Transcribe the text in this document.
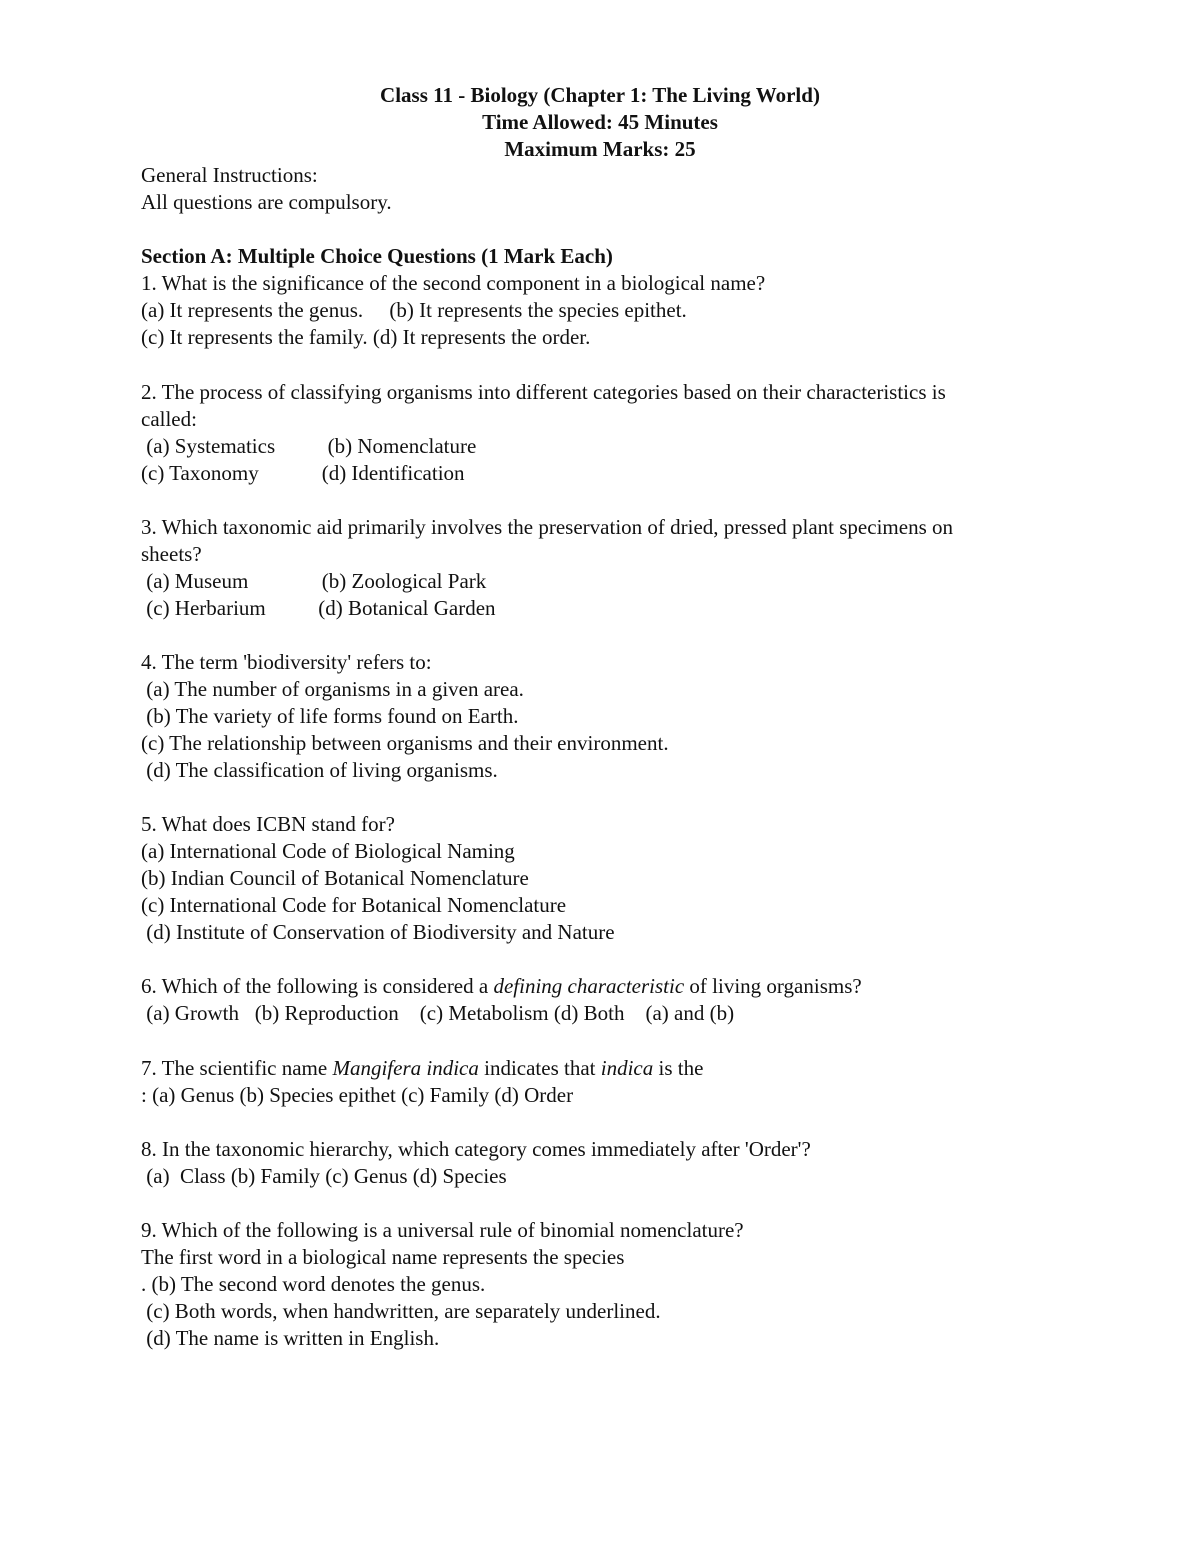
Class 11 - Biology (Chapter 1: The Living World)
Time Allowed: 45 Minutes
Maximum Marks: 25
General Instructions:
All questions are compulsory.
Section A: Multiple Choice Questions (1 Mark Each)
1. What is the significance of the second component in a biological name?
(a) It represents the genus.     (b) It represents the species epithet.
(c) It represents the family. (d) It represents the order.
2. The process of classifying organisms into different categories based on their characteristics is
called:
(a) Systematics          (b) Nomenclature
(c) Taxonomy            (d) Identification
3. Which taxonomic aid primarily involves the preservation of dried, pressed plant specimens on
sheets?
(a) Museum              (b) Zoological Park
(c) Herbarium          (d) Botanical Garden
4. The term 'biodiversity' refers to:
(a) The number of organisms in a given area.
(b) The variety of life forms found on Earth.
(c) The relationship between organisms and their environment.
(d) The classification of living organisms.
5. What does ICBN stand for?
(a) International Code of Biological Naming
(b) Indian Council of Botanical Nomenclature
(c) International Code for Botanical Nomenclature
(d) Institute of Conservation of Biodiversity and Nature
6. Which of the following is considered a defining characteristic of living organisms?
(a) Growth   (b) Reproduction    (c) Metabolism (d) Both    (a) and (b)
7. The scientific name Mangifera indica indicates that indica is the
: (a) Genus (b) Species epithet (c) Family (d) Order
8. In the taxonomic hierarchy, which category comes immediately after 'Order'?
(a)  Class (b) Family (c) Genus (d) Species
9. Which of the following is a universal rule of binomial nomenclature?
The first word in a biological name represents the species
. (b) The second word denotes the genus.
(c) Both words, when handwritten, are separately underlined.
(d) The name is written in English.
